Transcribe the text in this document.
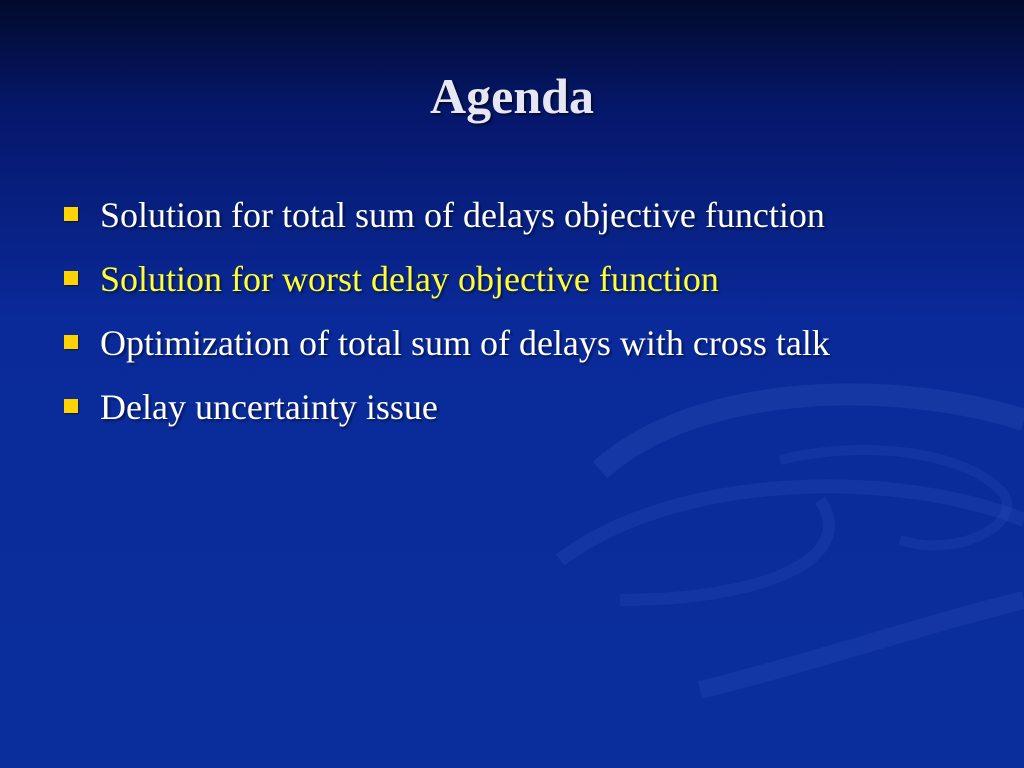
Agenda
Solution for total sum of delays objective function
Solution for worst delay objective function
Optimization of total sum of delays with cross talk
Delay uncertainty issue
